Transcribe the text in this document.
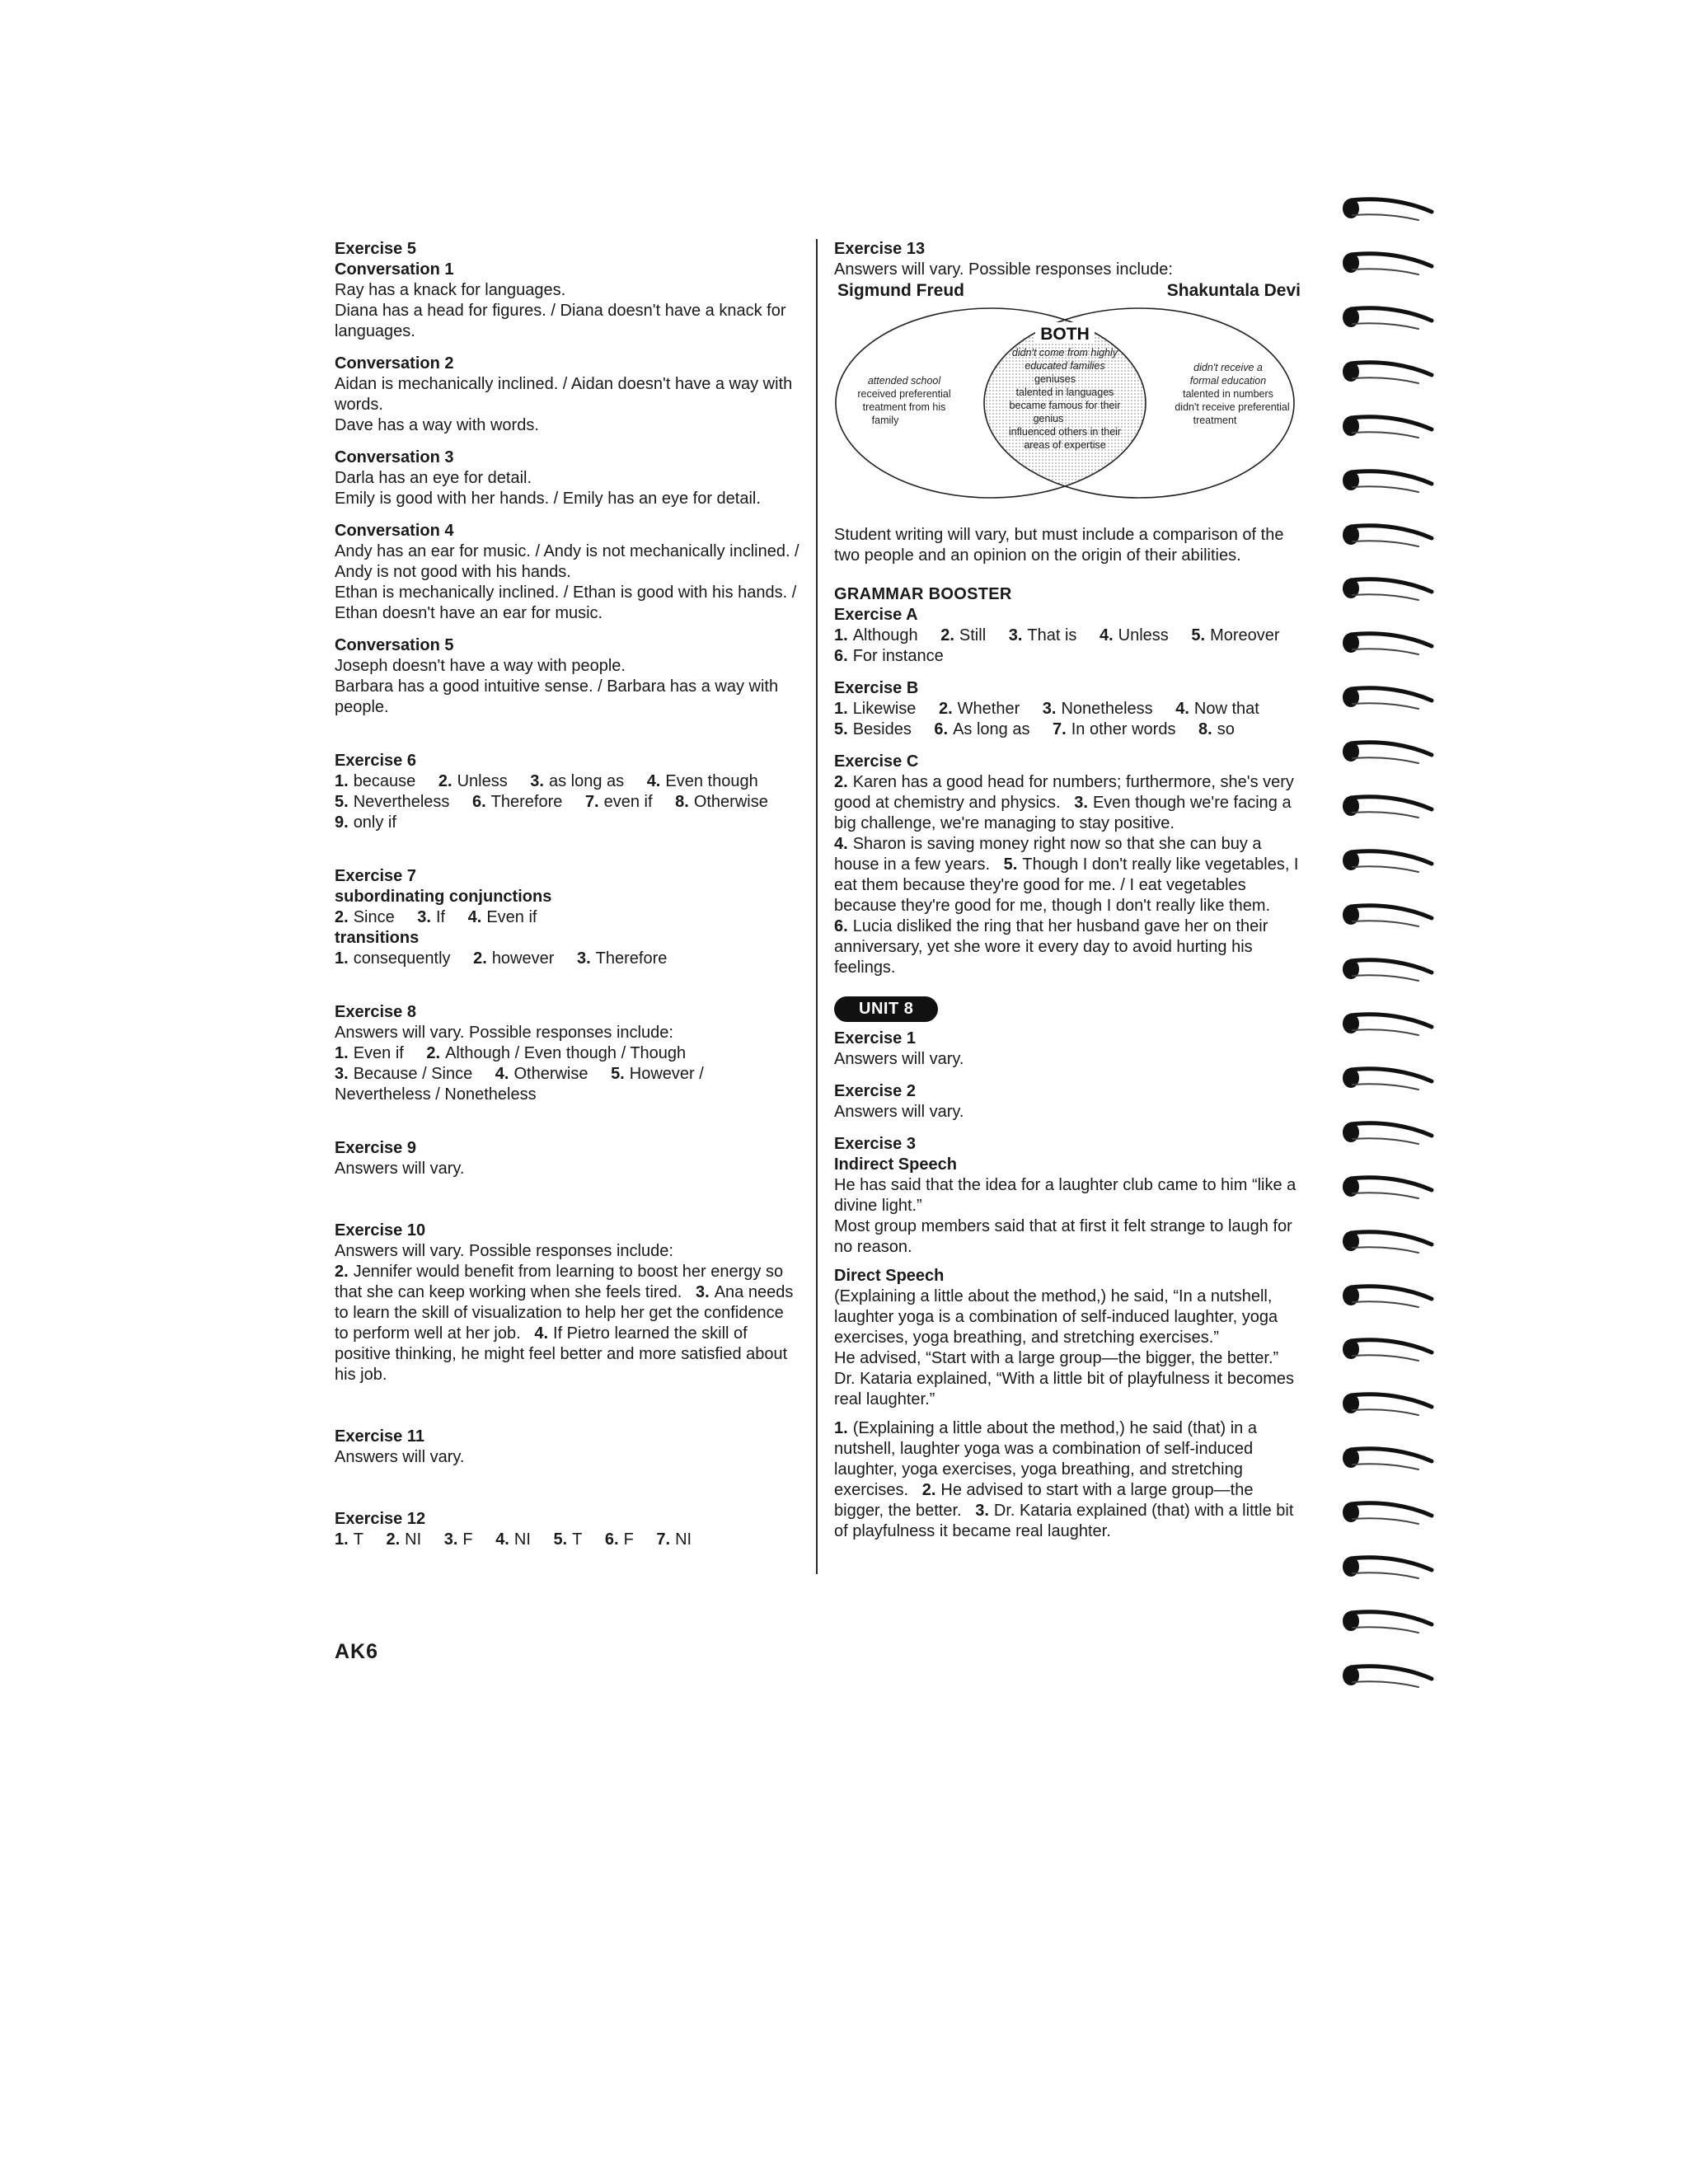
Exercise 5

Conversation 1

Ray has a knack for languages.

Diana has a head for figures. / Diana doesn't have a knack for languages.

Conversation 2

Aidan is mechanically inclined. / Aidan doesn't have a way with words.

Dave has a way with words.

Conversation 3

Darla has an eye for detail.

Emily is good with her hands. / Emily has an eye for detail.

Conversation 4

Andy has an ear for music. / Andy is not mechanically inclined. / Andy is not good with his hands.

Ethan is mechanically inclined. / Ethan is good with his hands. / Ethan doesn't have an ear for music.

Conversation 5

Joseph doesn't have a way with people.

Barbara has a good intuitive sense. / Barbara has a way with people.

Exercise 6

1. because 2. Unless 3. as long as 4. Even though

5. Nevertheless 6. Therefore 7. even if 8. Otherwise

9. only if

Exercise 7

subordinating conjunctions

2. Since 3. If 4. Even if

transitions

1. consequently 2. however 3. Therefore

Exercise 8

Answers will vary. Possible responses include:

1. Even if 2. Although / Even though / Though

3. Because / Since 4. Otherwise 5. However / Nevertheless / Nonetheless

Exercise 9

Answers will vary.

Exercise 10

Answers will vary. Possible responses include:

2. Jennifer would benefit from learning to boost her energy so that she can keep working when she feels tired. 3. Ana needs to learn the skill of visualization to help her get the confidence to perform well at her job. 4. If Pietro learned the skill of positive thinking, he might feel better and more satisfied about his job.

Exercise 11

Answers will vary.

Exercise 12

1. T 2. NI 3. F 4. NI 5. T 6. F 7. NI

Exercise 13

Answers will vary. Possible responses include:

Sigmund Freud	Shakuntala Devi
BOTH
attended school
received preferential
treatment from his
family
didn't come from highly
educated families
geniuses
talented in languages
became famous for their
genius
influenced others in their
areas of expertise
didn't receive a
formal education
talented in numbers
didn't receive preferential
treatment

Student writing will vary, but must include a comparison of the two people and an opinion on the origin of their abilities.

GRAMMAR BOOSTER

Exercise A

1. Although 2. Still 3. That is 4. Unless 5. Moreover

6. For instance

Exercise B

1. Likewise 2. Whether 3. Nonetheless 4. Now that

5. Besides 6. As long as 7. In other words 8. so

Exercise C

2. Karen has a good head for numbers; furthermore, she's very good at chemistry and physics. 3. Even though we're facing a big challenge, we're managing to stay positive.

4. Sharon is saving money right now so that she can buy a house in a few years. 5. Though I don't really like vegetables, I eat them because they're good for me. / I eat vegetables because they're good for me, though I don't really like them.   6. Lucia disliked the ring that her husband gave her on their anniversary, yet she wore it every day to avoid hurting his feelings.

UNIT 8

Exercise 1

Answers will vary.

Exercise 2

Answers will vary.

Exercise 3

Indirect Speech

He has said that the idea for a laughter club came to him “like a divine light.”

Most group members said that at first it felt strange to laugh for no reason.

Direct Speech

(Explaining a little about the method,) he said, “In a nutshell, laughter yoga is a combination of self-induced laughter, yoga exercises, yoga breathing, and stretching exercises.”

He advised, “Start with a large group—the bigger, the better.”

Dr. Kataria explained, “With a little bit of playfulness it becomes real laughter.”

1. (Explaining a little about the method,) he said (that) in a nutshell, laughter yoga was a combination of self-induced laughter, yoga exercises, yoga breathing, and stretching exercises. 2. He advised to start with a large group—the bigger, the better. 3. Dr. Kataria explained (that) with a little bit of playfulness it became real laughter.

AK6
